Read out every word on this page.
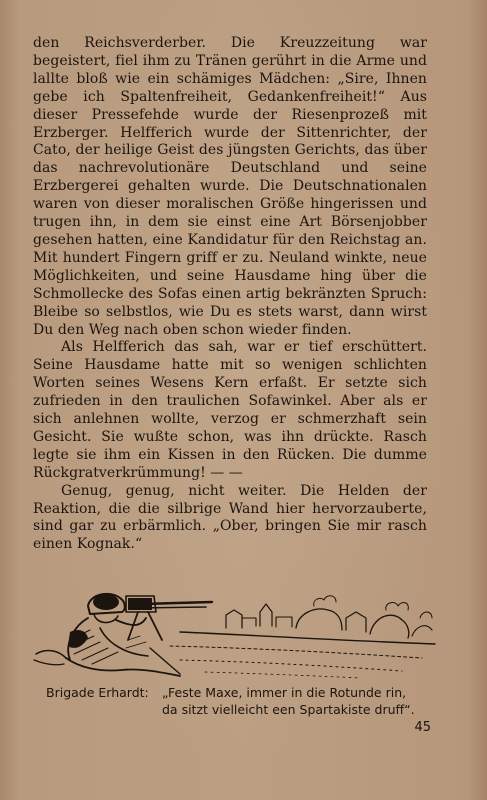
den Reichsverderber. Die Kreuzzeitung war begeistert, fiel ihm zu Tränen gerührt in die Arme und lallte bloß wie ein schämiges Mädchen: „Sire, Ihnen gebe ich Spaltenfreiheit, Gedankenfreiheit!“ Aus dieser Pressefehde wurde der Riesenprozeß mit Erzberger. Helfferich wurde der Sittenrichter, der Cato, der heilige Geist des jüngsten Gerichts, das über das nachrevolutionäre Deutschland und seine Erzbergerei gehalten wurde. Die Deutschnationalen waren von dieser moralischen Größe hingerissen und trugen ihn, in dem sie einst eine Art Börsenjobber gesehen hatten, eine Kandidatur für den Reichstag an. Mit hundert Fingern griff er zu. Neuland winkte, neue Möglichkeiten, und seine Hausdame hing über die Schmollecke des Sofas einen artig bekränzten Spruch: Bleibe so selbstlos, wie Du es stets warst, dann wirst Du den Weg nach oben schon wieder finden.

Als Helfferich das sah, war er tief erschüttert. Seine Hausdame hatte mit so wenigen schlichten Worten seines Wesens Kern erfaßt. Er setzte sich zufrieden in den traulichen Sofawinkel. Aber als er sich anlehnen wollte, verzog er schmerzhaft sein Gesicht. Sie wußte schon, was ihn drückte. Rasch legte sie ihm ein Kissen in den Rücken. Die dumme Rückgratverkrümmung! — —

Genug, genug, nicht weiter. Die Helden der Reaktion, die die silbrige Wand hier hervorzauberte, sind gar zu erbärmlich. „Ober, bringen Sie mir rasch einen Kognak.“

Brigade Erhardt: „Feste Maxe, immer in die Rotunde rin,
da sitzt vielleicht een Spartakiste druff“.
45
